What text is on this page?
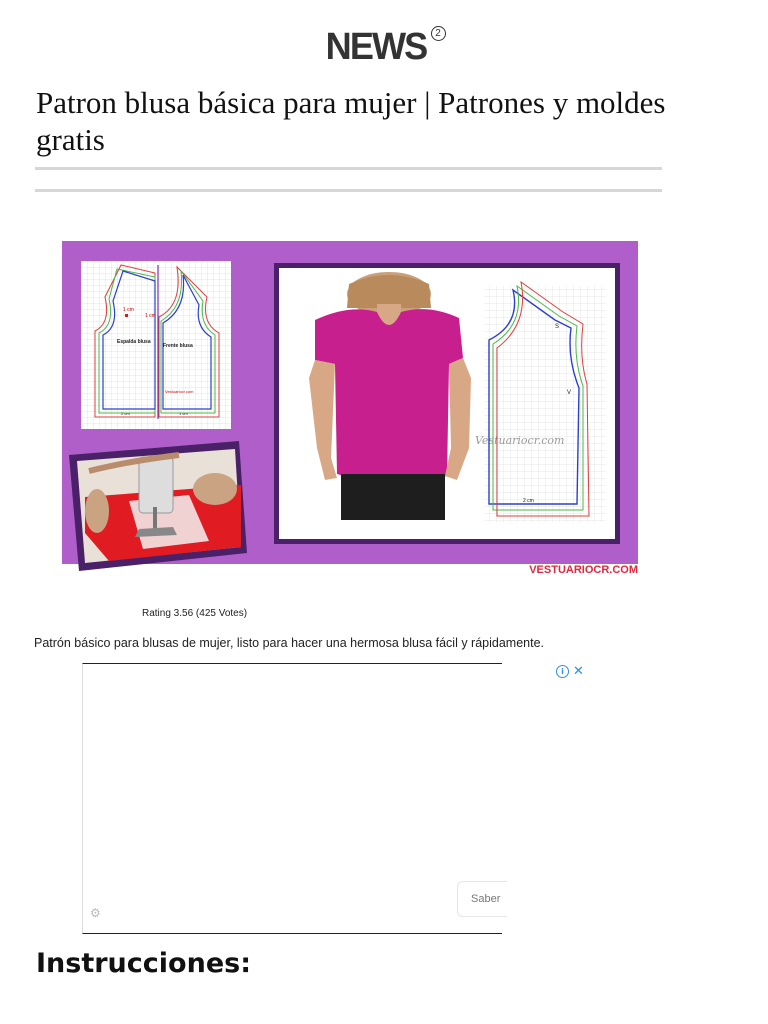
NEWS 2
Patron blusa básica para mujer | Patrones y moldes gratis
1 cm
1 cm
Espalda blusa
Frente blusa
Vestuariocr.com
2 cm	1 cm
Vestuariocr.com
S
V
2 cm
VESTUARIOCR.COM
Rating 3.56 (425 Votes)
Patrón básico para blusas de mujer, listo para hacer una hermosa blusa fácil y rápidamente.
i ✕
Saber
⚙
Instrucciones:
